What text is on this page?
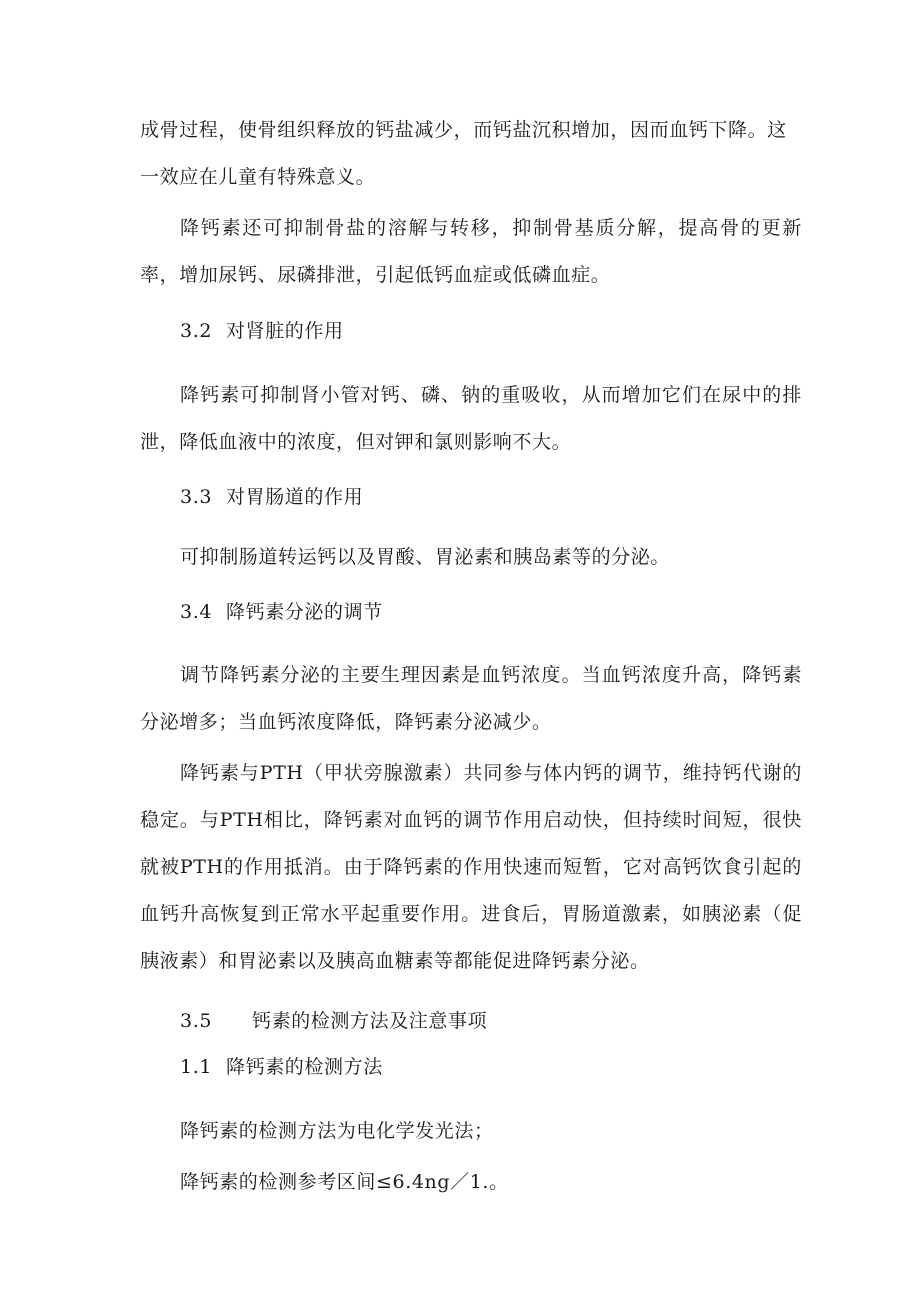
成骨过程，使骨组织释放的钙盐减少，而钙盐沉积增加，因而血钙下降。这一效应在儿童有特殊意义。

降钙素还可抑制骨盐的溶解与转移，抑制骨基质分解，提高骨的更新率，增加尿钙、尿磷排泄，引起低钙血症或低磷血症。

3.2 对肾脏的作用

降钙素可抑制肾小管对钙、磷、钠的重吸收，从而增加它们在尿中的排泄，降低血液中的浓度，但对钾和氯则影响不大。

3.3 对胃肠道的作用

可抑制肠道转运钙以及胃酸、胃泌素和胰岛素等的分泌。

3.4 降钙素分泌的调节

调节降钙素分泌的主要生理因素是血钙浓度。当血钙浓度升高，降钙素分泌增多；当血钙浓度降低，降钙素分泌减少。

降钙素与PTH（甲状旁腺激素）共同参与体内钙的调节，维持钙代谢的稳定。与PTH相比，降钙素对血钙的调节作用启动快，但持续时间短，很快就被PTH的作用抵消。由于降钙素的作用快速而短暂，它对高钙饮食引起的血钙升高恢复到正常水平起重要作用。进食后，胃肠道激素，如胰泌素（促胰液素）和胃泌素以及胰高血糖素等都能促进降钙素分泌。

3.5 钙素的检测方法及注意事项
1.1 降钙素的检测方法
降钙素的检测方法为电化学发光法；
降钙素的检测参考区间≤6.4ng／1.。
